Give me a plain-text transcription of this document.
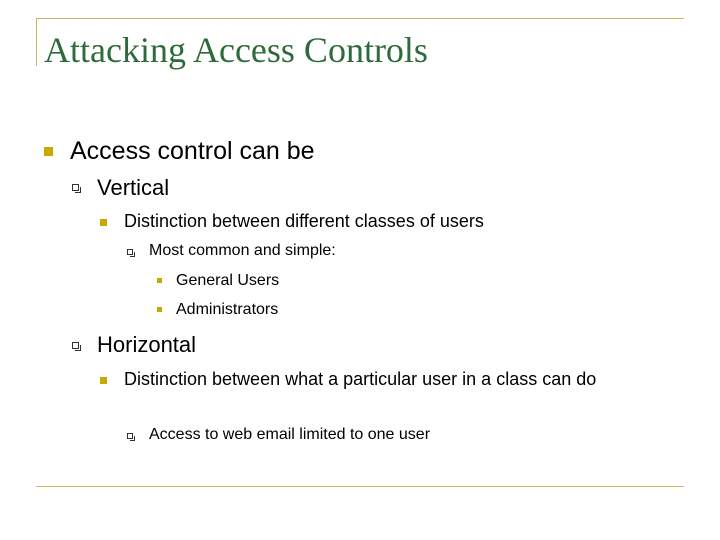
Attacking Access Controls
Access control can be
Vertical
Distinction between different classes of users
Most common and simple:
General Users
Administrators
Horizontal
Distinction between what a particular user in a class can do
Access to web email limited to one user
